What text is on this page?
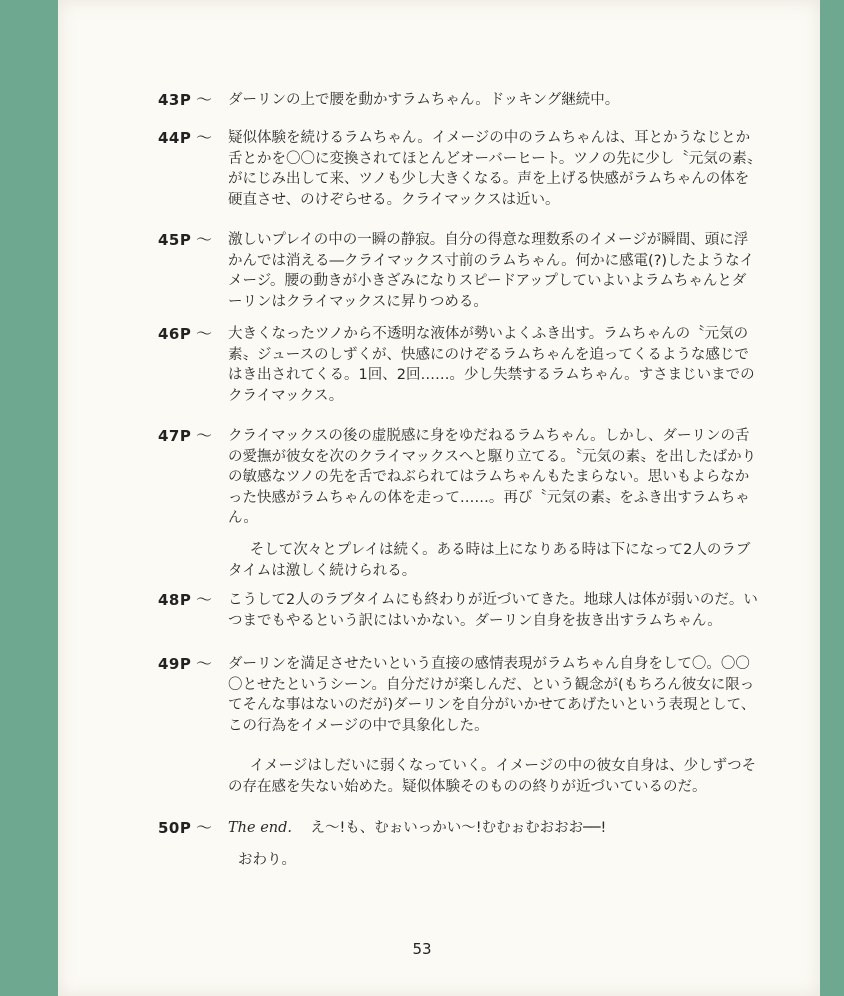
43P 〜 ダーリンの上で腰を動かすラムちゃん。ドッキング継続中。
44P 〜 疑似体験を続けるラムちゃん。イメージの中のラムちゃんは、耳とかうなじとか舌とかを〇〇に変換されてほとんどオーバーヒート。ツノの先に少し〝元気の素〟がにじみ出して来、ツノも少し大きくなる。声を上げる快感がラムちゃんの体を硬直させ、のけぞらせる。クライマックスは近い。
45P 〜 激しいプレイの中の一瞬の静寂。自分の得意な理数系のイメージが瞬間、頭に浮かんでは消える―クライマックス寸前のラムちゃん。何かに感電(?)したようなイメージ。腰の動きが小きざみになりスピードアップしていよいよラムちゃんとダーリンはクライマックスに昇りつめる。
46P 〜 大きくなったツノから不透明な液体が勢いよくふき出す。ラムちゃんの〝元気の素〟ジュースのしずくが、快感にのけぞるラムちゃんを追ってくるような感じではき出されてくる。1回、2回……。少し失禁するラムちゃん。すさまじいまでのクライマックス。
47P 〜 クライマックスの後の虚脱感に身をゆだねるラムちゃん。しかし、ダーリンの舌の愛撫が彼女を次のクライマックスへと駆り立てる。〝元気の素〟を出したばかりの敏感なツノの先を舌でねぶられてはラムちゃんもたまらない。思いもよらなかった快感がラムちゃんの体を走って……。再び〝元気の素〟をふき出すラムちゃん。
そして次々とプレイは続く。ある時は上になりある時は下になって2人のラブタイムは激しく続けられる。
48P 〜 こうして2人のラブタイムにも終わりが近づいてきた。地球人は体が弱いのだ。いつまでもやるという訳にはいかない。ダーリン自身を抜き出すラムちゃん。
49P 〜 ダーリンを満足させたいという直接の感情表現がラムちゃん自身をして〇。〇〇〇とせたというシーン。自分だけが楽しんだ、という観念が(もちろん彼女に限ってそんな事はないのだが)ダーリンを自分がいかせてあげたいという表現として、この行為をイメージの中で具象化した。
イメージはしだいに弱くなっていく。イメージの中の彼女自身は、少しずつその存在感を失ない始めた。疑似体験そのものの終りが近づいているのだ。
50P 〜 The end. え〜!も、むぉいっかい〜!むむぉむおおお──!
おわり。
53
